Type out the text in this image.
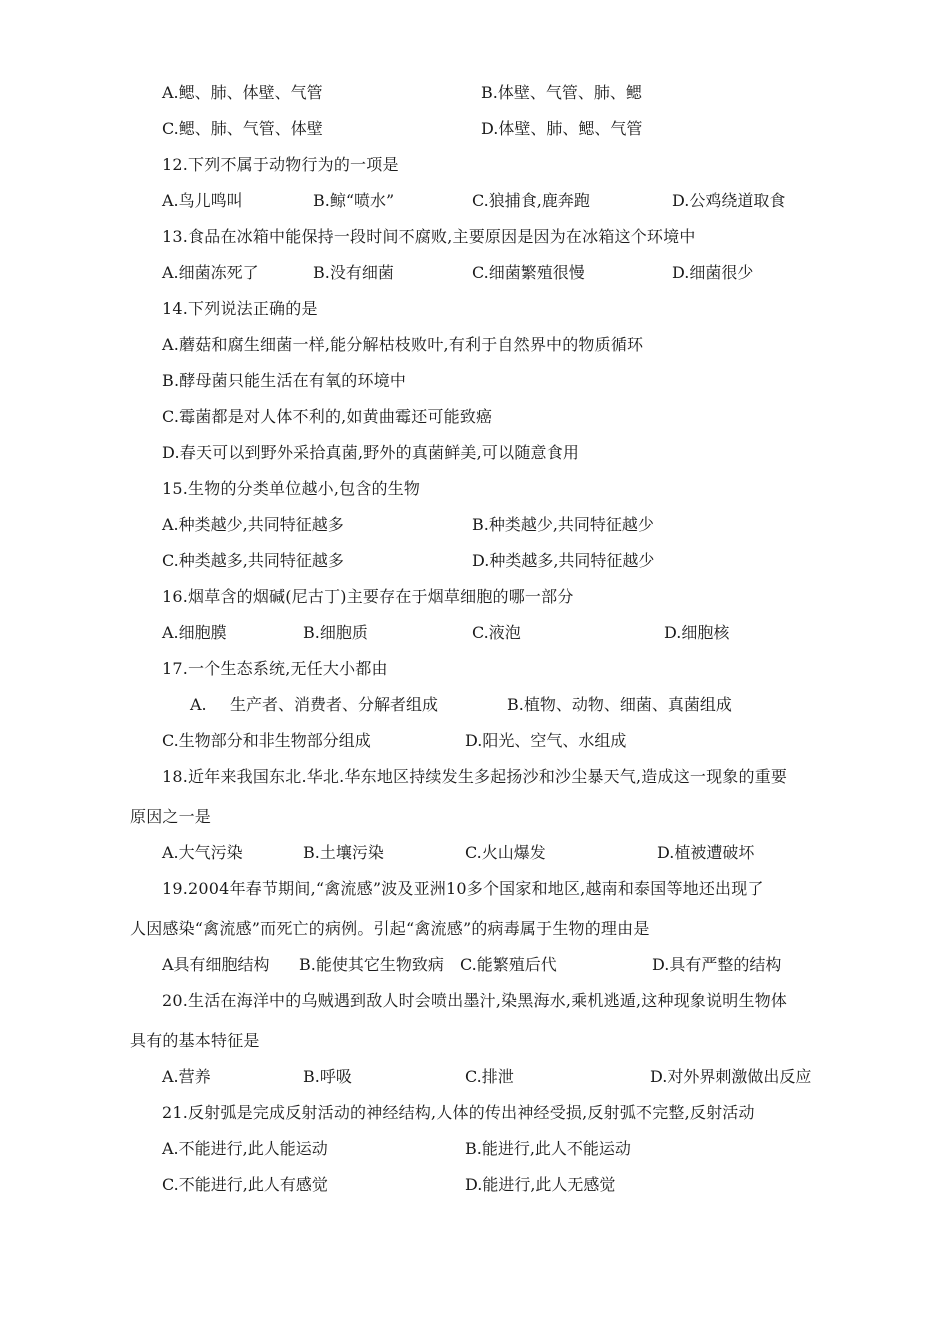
A.鳃、肺、体壁、气管	B.体壁、气管、肺、鳃
C.鳃、肺、气管、体壁	D.体壁、肺、鳃、气管
12.下列不属于动物行为的一项是
A.鸟儿鸣叫	B.鲸“喷水”	C.狼捕食,鹿奔跑	D.公鸡绕道取食
13.食品在冰箱中能保持一段时间不腐败,主要原因是因为在冰箱这个环境中
A.细菌冻死了	B.没有细菌	C.细菌繁殖很慢	D.细菌很少
14.下列说法正确的是
A.蘑菇和腐生细菌一样,能分解枯枝败叶,有利于自然界中的物质循环
B.酵母菌只能生活在有氧的环境中
C.霉菌都是对人体不利的,如黄曲霉还可能致癌
D.春天可以到野外采拾真菌,野外的真菌鲜美,可以随意食用
15.生物的分类单位越小,包含的生物
A.种类越少,共同特征越多	B.种类越少,共同特征越少
C.种类越多,共同特征越多	D.种类越多,共同特征越少
16.烟草含的烟碱(尼古丁)主要存在于烟草细胞的哪一部分
A.细胞膜	B.细胞质	C.液泡	D.细胞核
17.一个生态系统,无任大小都由
A. 生产者、消费者、分解者组成	B.植物、动物、细菌、真菌组成
C.生物部分和非生物部分组成	D.阳光、空气、水组成
18.近年来我国东北.华北.华东地区持续发生多起扬沙和沙尘暴天气,造成这一现象的重要
原因之一是
A.大气污染	B.土壤污染	C.火山爆发	D.植被遭破坏
19.2004年春节期间,“禽流感”波及亚洲10多个国家和地区,越南和泰国等地还出现了
人因感染“禽流感”而死亡的病例。引起“禽流感”的病毒属于生物的理由是
A具有细胞结构 B.能使其它生物致病 C.能繁殖后代	D.具有严整的结构
20.生活在海洋中的乌贼遇到敌人时会喷出墨汁,染黑海水,乘机逃遁,这种现象说明生物体
具有的基本特征是
A.营养	B.呼吸	C.排泄	D.对外界刺激做出反应
21.反射弧是完成反射活动的神经结构,人体的传出神经受损,反射弧不完整,反射活动
A.不能进行,此人能运动	B.能进行,此人不能运动
C.不能进行,此人有感觉	D.能进行,此人无感觉
